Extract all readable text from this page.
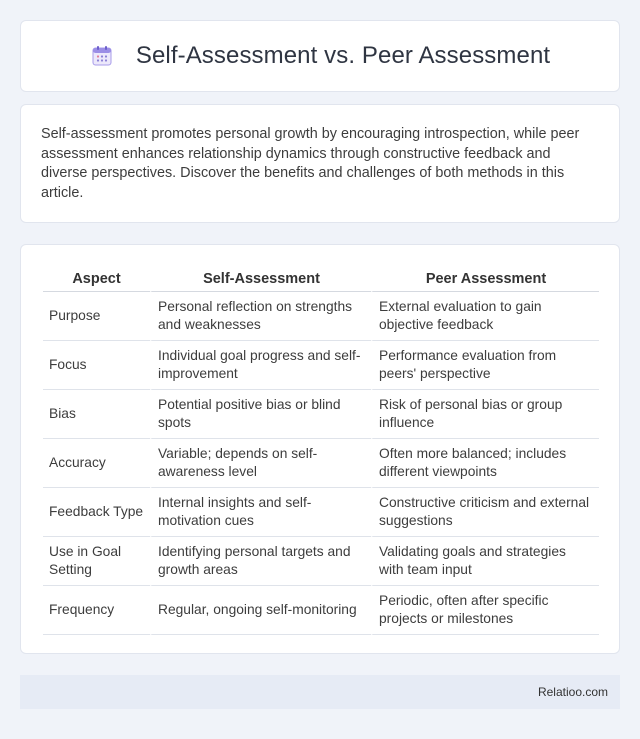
Self-Assessment vs. Peer Assessment

Self-assessment promotes personal growth by encouraging introspection, while peer assessment enhances relationship dynamics through constructive feedback and diverse perspectives. Discover the benefits and challenges of both methods in this article.

Aspect	Self-Assessment	Peer Assessment
Purpose	Personal reflection on strengths and weaknesses	External evaluation to gain objective feedback
Focus	Individual goal progress and self-improvement	Performance evaluation from peers' perspective
Bias	Potential positive bias or blind spots	Risk of personal bias or group influence
Accuracy	Variable; depends on self-awareness level	Often more balanced; includes different viewpoints
Feedback Type	Internal insights and self-motivation cues	Constructive criticism and external suggestions
Use in Goal Setting	Identifying personal targets and growth areas	Validating goals and strategies with team input
Frequency	Regular, ongoing self-monitoring	Periodic, often after specific projects or milestones
Relatioo.com
